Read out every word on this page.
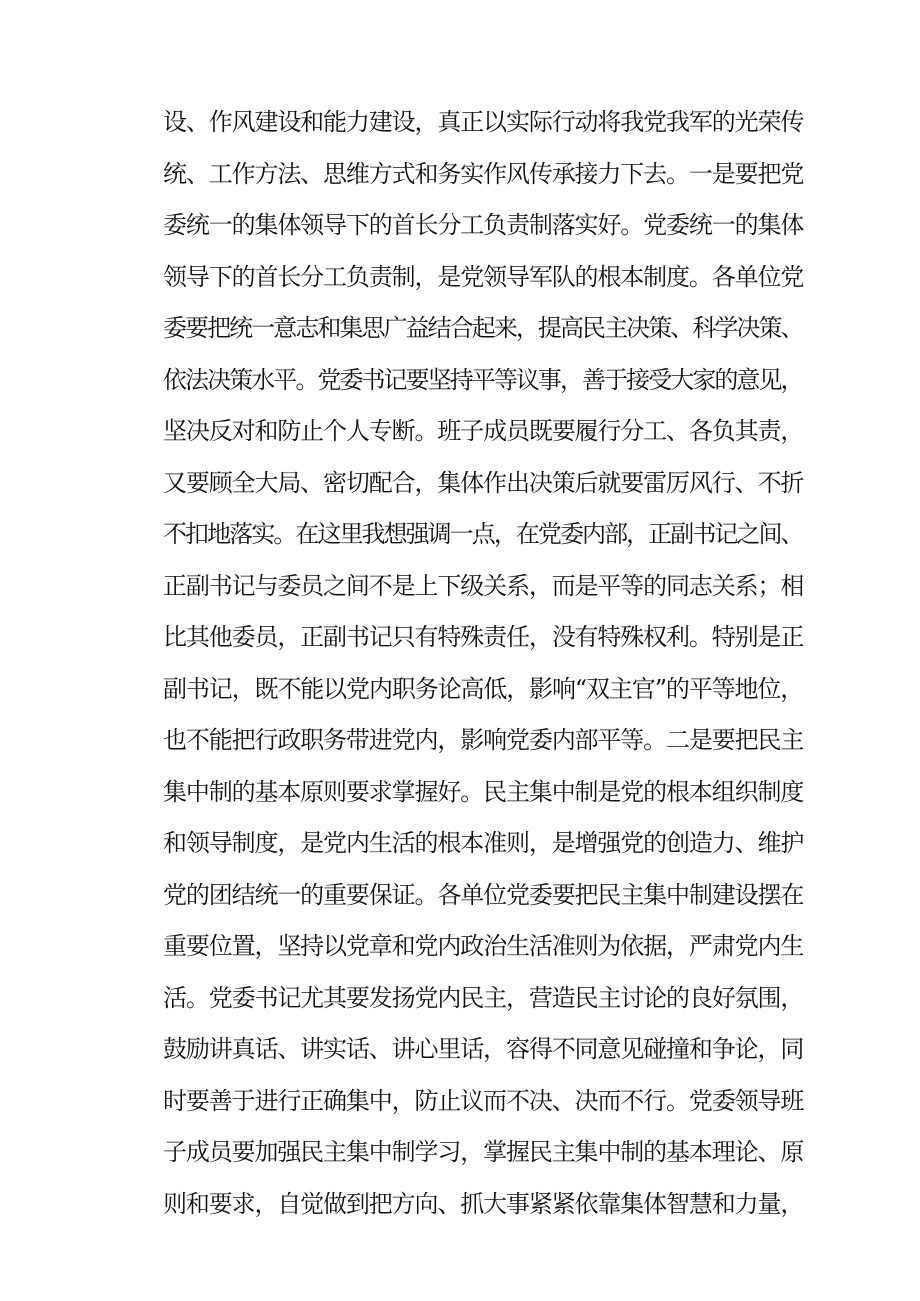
设、作风建设和能力建设，真正以实际行动将我党我军的光荣传
统、工作方法、思维方式和务实作风传承接力下去。一是要把党
委统一的集体领导下的首长分工负责制落实好。党委统一的集体
领导下的首长分工负责制，是党领导军队的根本制度。各单位党
委要把统一意志和集思广益结合起来，提高民主决策、科学决策、
依法决策水平。党委书记要坚持平等议事，善于接受大家的意见，
坚决反对和防止个人专断。班子成员既要履行分工、各负其责，
又要顾全大局、密切配合，集体作出决策后就要雷厉风行、不折
不扣地落实。在这里我想强调一点，在党委内部，正副书记之间、
正副书记与委员之间不是上下级关系，而是平等的同志关系；相
比其他委员，正副书记只有特殊责任，没有特殊权利。特别是正
副书记，既不能以党内职务论高低，影响“双主官”的平等地位，
也不能把行政职务带进党内，影响党委内部平等。二是要把民主
集中制的基本原则要求掌握好。民主集中制是党的根本组织制度
和领导制度，是党内生活的根本准则，是增强党的创造力、维护
党的团结统一的重要保证。各单位党委要把民主集中制建设摆在
重要位置，坚持以党章和党内政治生活准则为依据，严肃党内生
活。党委书记尤其要发扬党内民主，营造民主讨论的良好氛围，
鼓励讲真话、讲实话、讲心里话，容得不同意见碰撞和争论，同
时要善于进行正确集中，防止议而不决、决而不行。党委领导班
子成员要加强民主集中制学习，掌握民主集中制的基本理论、原
则和要求，自觉做到把方向、抓大事紧紧依靠集体智慧和力量，
